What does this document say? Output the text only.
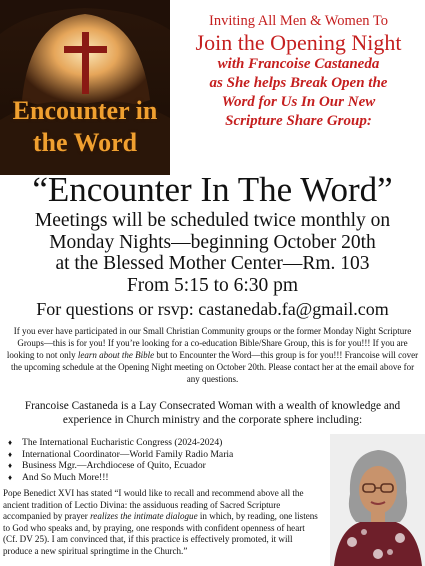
Encounter in
the Word
Inviting All Men & Women To
Join the Opening Night
with Francoise Castaneda
as She helps Break Open the
Word for Us In Our New
Scripture Share Group:
“Encounter In The Word”
Meetings will be scheduled twice monthly on
Monday Nights—beginning October 20th
at the Blessed Mother Center—Rm. 103
From 5:15 to 6:30 pm
For questions or rsvp: castanedab.fa@gmail.com
If you ever have participated in our Small Christian Community groups or the former Monday Night Scripture Groups—this is for you! If you’re looking for a co-education Bible/Share Group, this is for you!!! If you are looking to not only learn about the Bible but to Encounter the Word—this group is for you!!! Francoise will cover the upcoming schedule at the Opening Night meeting on October 20th. Please contact her at the email above for any questions.
Francoise Castaneda is a Lay Consecrated Woman with a wealth of knowledge and experience in Church ministry and the corporate sphere including:
♦ The International Eucharistic Congress (2024-2024)
♦ International Coordinator—World Family Radio Maria
♦ Business Mgr.—Archdiocese of Quito, Ecuador
♦ And So Much More!!!
Pope Benedict XVI has stated “I would like to recall and recommend above all the ancient tradition of Lectio Divina: the assiduous reading of Sacred Scripture accompanied by prayer realizes the intimate dialogue in which, by reading, one listens to God who speaks and, by praying, one responds with confident openness of heart (Cf. DV 25). I am convinced that, if this practice is effectively promoted, it will produce a new spiritual springtime in the Church.”
